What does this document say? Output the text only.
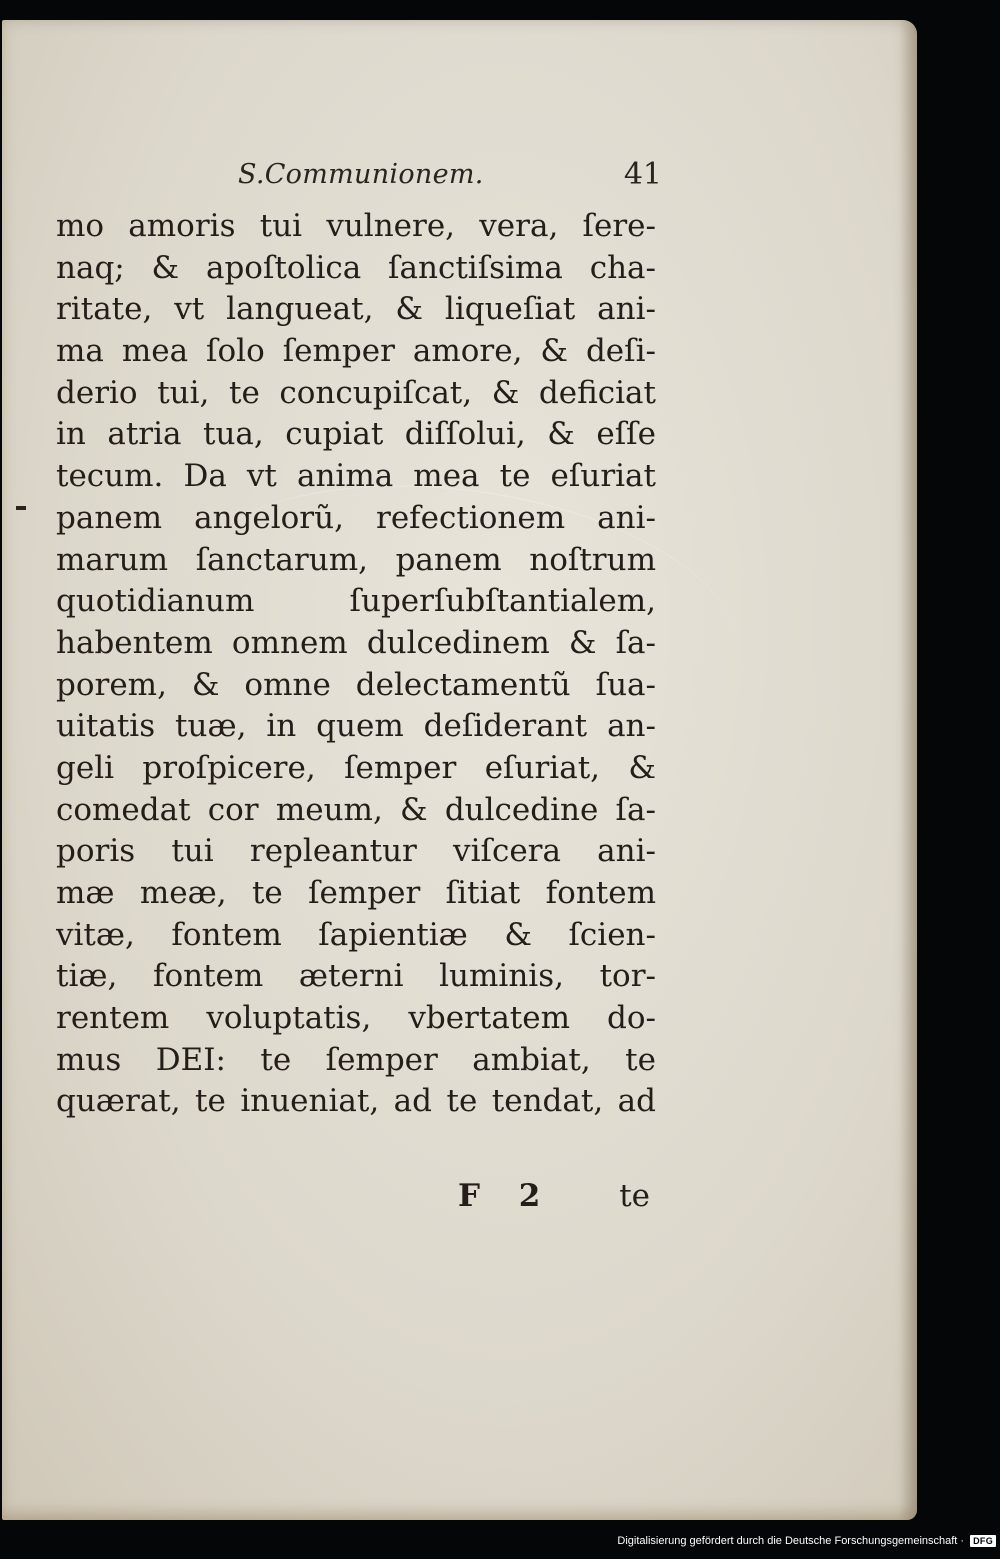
S.Communionem.	41
mo amoris tui vulnere, vera, ſere-
naq; & apoſtolica ſanctiſsima cha-
ritate, vt langueat, & liqueſiat ani-
ma mea ſolo ſemper amore, & deſi-
derio tui, te concupiſcat, & deficiat
in atria tua, cupiat diſſolui, & eſſe
tecum. Da vt anima mea te eſuriat
panem angelorũ, refectionem ani-
marum ſanctarum, panem noſtrum
quotidianum ſuperſubſtantialem,
habentem omnem dulcedinem & ſa-
porem, & omne delectamentũ ſua-
uitatis tuæ, in quem deſiderant an-
geli proſpicere, ſemper eſuriat, &
comedat cor meum, & dulcedine ſa-
poris tui repleantur viſcera ani-
mæ meæ, te ſemper ſitiat fontem
vitæ, fontem ſapientiæ & ſcien-
tiæ, fontem æterni luminis, tor-
rentem voluptatis, vbertatem do-
mus DEI: te ſemper ambiat, te
quærat, te inueniat, ad te tendat, ad
F 2 te
Digitalisierung gefördert durch die Deutsche Forschungsgemeinschaft ·	DFG
